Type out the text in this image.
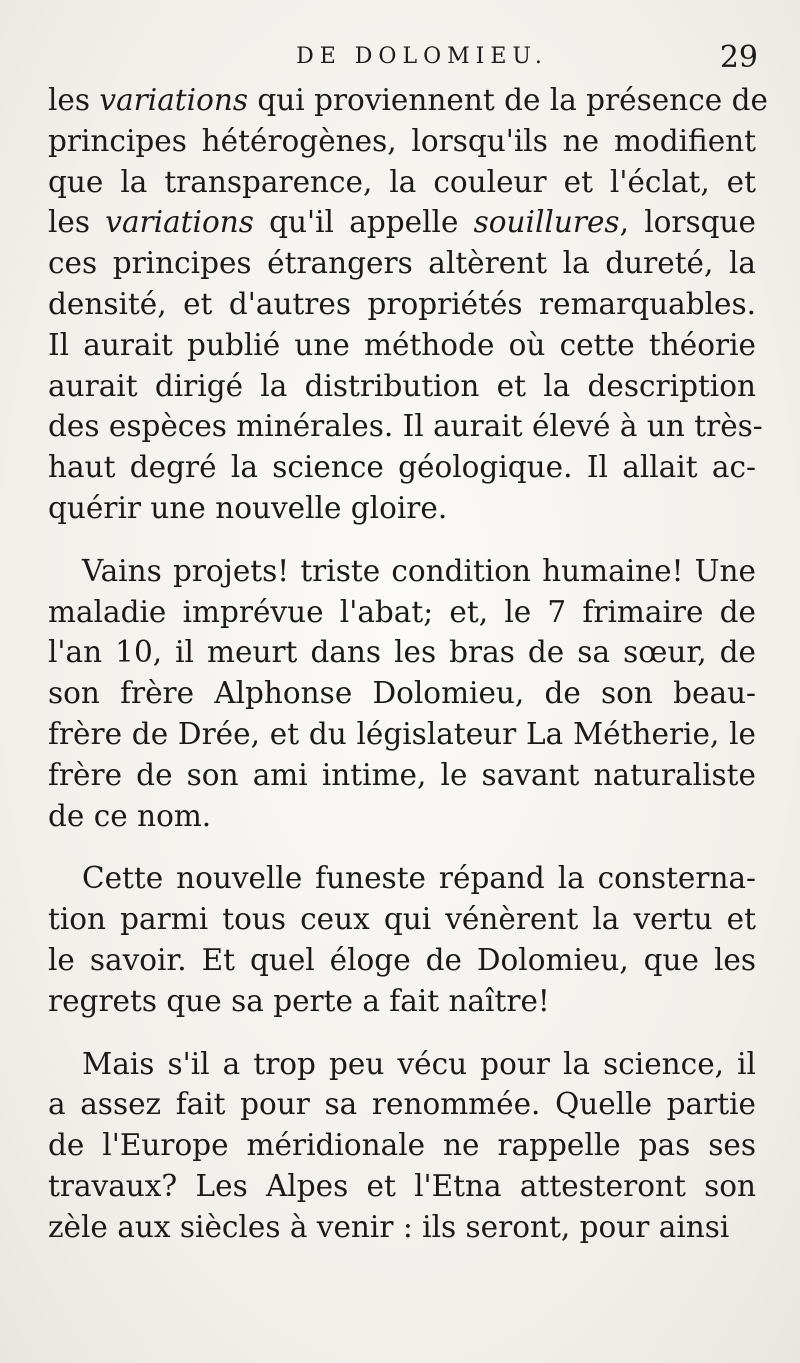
DE DOLOMIEU.	29
les variations qui proviennent de la présence de
principes hétérogènes, lorsqu'ils ne modifient
que la transparence, la couleur et l'éclat, et
les variations qu'il appelle souillures, lorsque
ces principes étrangers altèrent la dureté, la
densité, et d'autres propriétés remarquables.
Il aurait publié une méthode où cette théorie
aurait dirigé la distribution et la description
des espèces minérales. Il aurait élevé à un très-
haut degré la science géologique. Il allait ac-
quérir une nouvelle gloire.
Vains projets! triste condition humaine! Une
maladie imprévue l'abat; et, le 7 frimaire de
l'an 10, il meurt dans les bras de sa sœur, de
son frère Alphonse Dolomieu, de son beau-
frère de Drée, et du législateur La Métherie, le
frère de son ami intime, le savant naturaliste
de ce nom.
Cette nouvelle funeste répand la consterna-
tion parmi tous ceux qui vénèrent la vertu et
le savoir. Et quel éloge de Dolomieu, que les
regrets que sa perte a fait naître!
Mais s'il a trop peu vécu pour la science, il
a assez fait pour sa renommée. Quelle partie
de l'Europe méridionale ne rappelle pas ses
travaux? Les Alpes et l'Etna attesteront son
zèle aux siècles à venir : ils seront, pour ainsi
